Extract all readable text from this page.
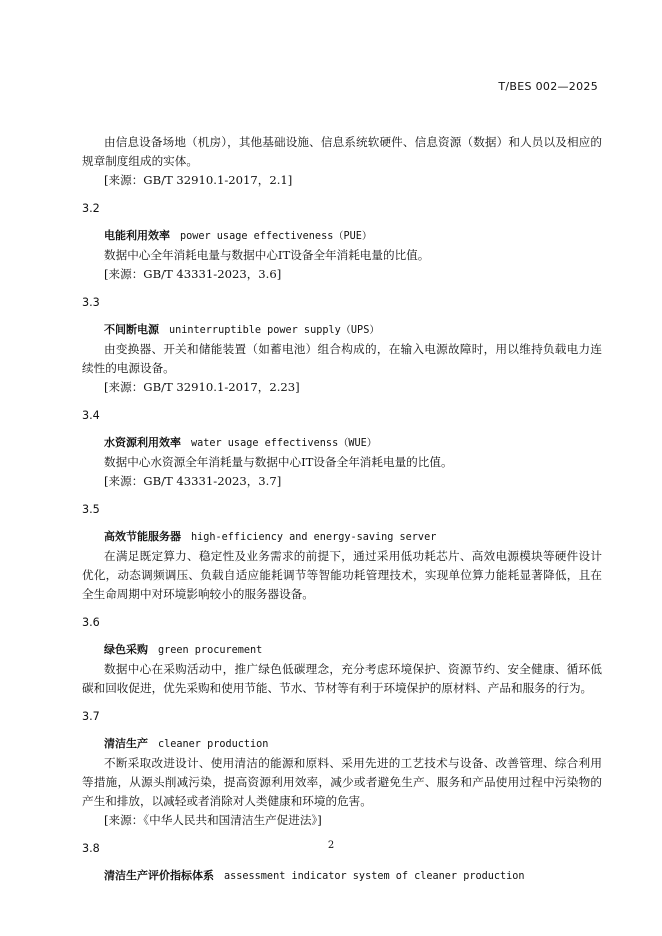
T/BES 002—2025

由信息设备场地（机房），其他基础设施、信息系统软硬件、信息资源（数据）和人员以及相应的规章制度组成的实体。

[来源：GB/T 32910.1-2017，2.1]

3.2
电能利用效率 power usage effectiveness（PUE）

数据中心全年消耗电量与数据中心IT设备全年消耗电量的比值。

[来源：GB/T 43331-2023，3.6]

3.3
不间断电源 uninterruptible power supply（UPS）

由变换器、开关和储能装置（如蓄电池）组合构成的，在输入电源故障时，用以维持负载电力连续性的电源设备。

[来源：GB/T 32910.1-2017，2.23]

3.4
水资源利用效率 water usage effectivenss（WUE）

数据中心水资源全年消耗量与数据中心IT设备全年消耗电量的比值。

[来源：GB/T 43331-2023，3.7]

3.5
高效节能服务器 high-efficiency and energy-saving server

在满足既定算力、稳定性及业务需求的前提下，通过采用低功耗芯片、高效电源模块等硬件设计优化，动态调频调压、负载自适应能耗调节等智能功耗管理技术，实现单位算力能耗显著降低，且在全生命周期中对环境影响较小的服务器设备。

3.6
绿色采购 green procurement

数据中心在采购活动中，推广绿色低碳理念，充分考虑环境保护、资源节约、安全健康、循环低碳和回收促进，优先采购和使用节能、节水、节材等有利于环境保护的原材料、产品和服务的行为。

3.7
清洁生产 cleaner production

不断采取改进设计、使用清洁的能源和原料、采用先进的工艺技术与设备、改善管理、综合利用等措施，从源头削减污染，提高资源利用效率，减少或者避免生产、服务和产品使用过程中污染物的产生和排放，以减轻或者消除对人类健康和环境的危害。

[来源：《中华人民共和国清洁生产促进法》]

3.8
清洁生产评价指标体系 assessment indicator system of cleaner production
2
